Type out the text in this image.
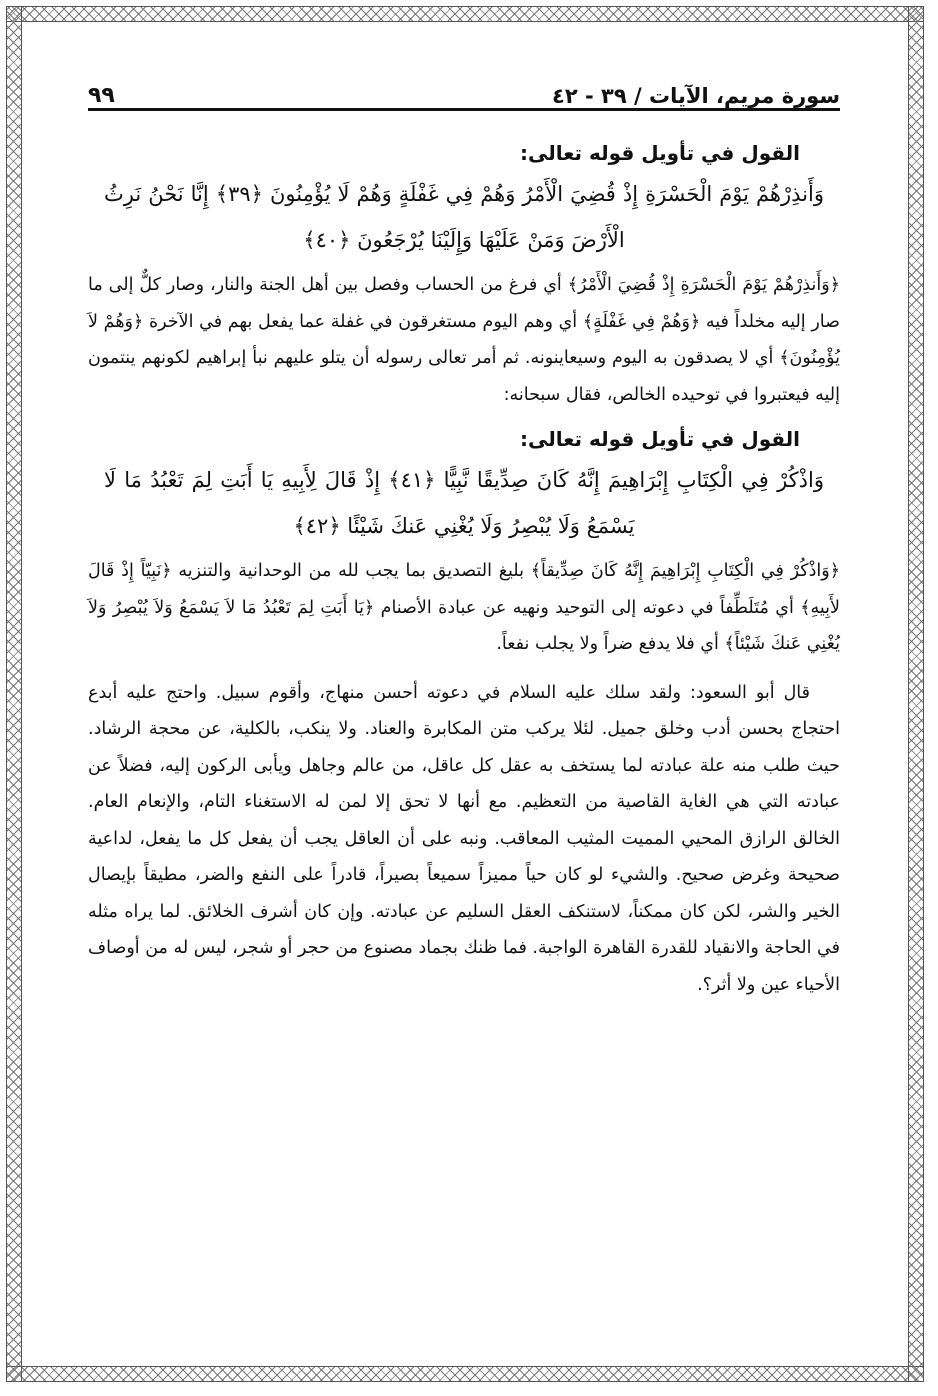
سورة مريم، الآيات / ٣٩ - ٤٢
٩٩
القول في تأويل قوله تعالى:
وَأَنذِرْهُمْ يَوْمَ الْحَسْرَةِ إِذْ قُضِيَ الْأَمْرُ وَهُمْ فِي غَفْلَةٍ وَهُمْ لَا يُؤْمِنُونَ ﴿٣٩﴾ إِنَّا نَحْنُ نَرِثُ الْأَرْضَ وَمَنْ عَلَيْهَا وَإِلَيْنَا يُرْجَعُونَ ﴿٤٠﴾
﴿وَأَنذِرْهُمْ يَوْمَ الْحَسْرَةِ إِذْ قُضِيَ الْأَمْرُ﴾ أي فرغ من الحساب وفصل بين أهل الجنة والنار، وصار كلٌّ إلى ما صار إليه مخلداً فيه ﴿وَهُمْ فِي غَفْلَةٍ﴾ أي وهم اليوم مستغرقون في غفلة عما يفعل بهم في الآخرة ﴿وَهُمْ لاَ يُؤْمِنُونَ﴾ أي لا يصدقون به اليوم وسيعاينونه. ثم أمر تعالى رسوله أن يتلو عليهم نبأ إبراهيم لكونهم ينتمون إليه فيعتبروا في توحيده الخالص، فقال سبحانه:
القول في تأويل قوله تعالى:
وَاذْكُرْ فِي الْكِتَابِ إِبْرَاهِيمَ إِنَّهُ كَانَ صِدِّيقًا نَّبِيًّا ﴿٤١﴾ إِذْ قَالَ لِأَبِيهِ يَا أَبَتِ لِمَ تَعْبُدُ مَا لَا يَسْمَعُ وَلَا يُبْصِرُ وَلَا يُغْنِي عَنكَ شَيْئًا ﴿٤٢﴾
﴿وَاذْكُرْ فِي الْكِتَابِ إِبْرَاهِيمَ إِنَّهُ كَانَ صِدِّيقاً﴾ بليغ التصديق بما يجب لله من الوحدانية والتنزيه ﴿نَبِيّاً إِذْ قَالَ لأَبِيهِ﴾ أي مُتَلَطِّفاً في دعوته إلى التوحيد ونهيه عن عبادة الأصنام ﴿يَا أَبَتِ لِمَ تَعْبُدُ مَا لاَ يَسْمَعُ وَلاَ يُبْصِرُ وَلاَ يُغْنِي عَنكَ شَيْئاً﴾ أي فلا يدفع ضراً ولا يجلب نفعاً.
قال أبو السعود: ولقد سلك عليه السلام في دعوته أحسن منهاج، وأقوم سبيل. واحتج عليه أبدع احتجاج بحسن أدب وخلق جميل. لئلا يركب متن المكابرة والعناد. ولا ينكب، بالكلية، عن محجة الرشاد. حيث طلب منه علة عبادته لما يستخف به عقل كل عاقل، من عالم وجاهل ويأبى الركون إليه، فضلاً عن عبادته التي هي الغاية القاصية من التعظيم. مع أنها لا تحق إلا لمن له الاستغناء التام، والإنعام العام. الخالق الرازق المحيي المميت المثيب المعاقب. ونبه على أن العاقل يجب أن يفعل كل ما يفعل، لداعية صحيحة وغرض صحيح. والشيء لو كان حياً مميزاً سميعاً بصيراً، قادراً على النفع والضر، مطيقاً بإيصال الخير والشر، لكن كان ممكناً، لاستنكف العقل السليم عن عبادته. وإن كان أشرف الخلائق. لما يراه مثله في الحاجة والانقياد للقدرة القاهرة الواجبة. فما ظنك بجماد مصنوع من حجر أو شجر، ليس له من أوصاف الأحياء عين ولا أثر؟.
